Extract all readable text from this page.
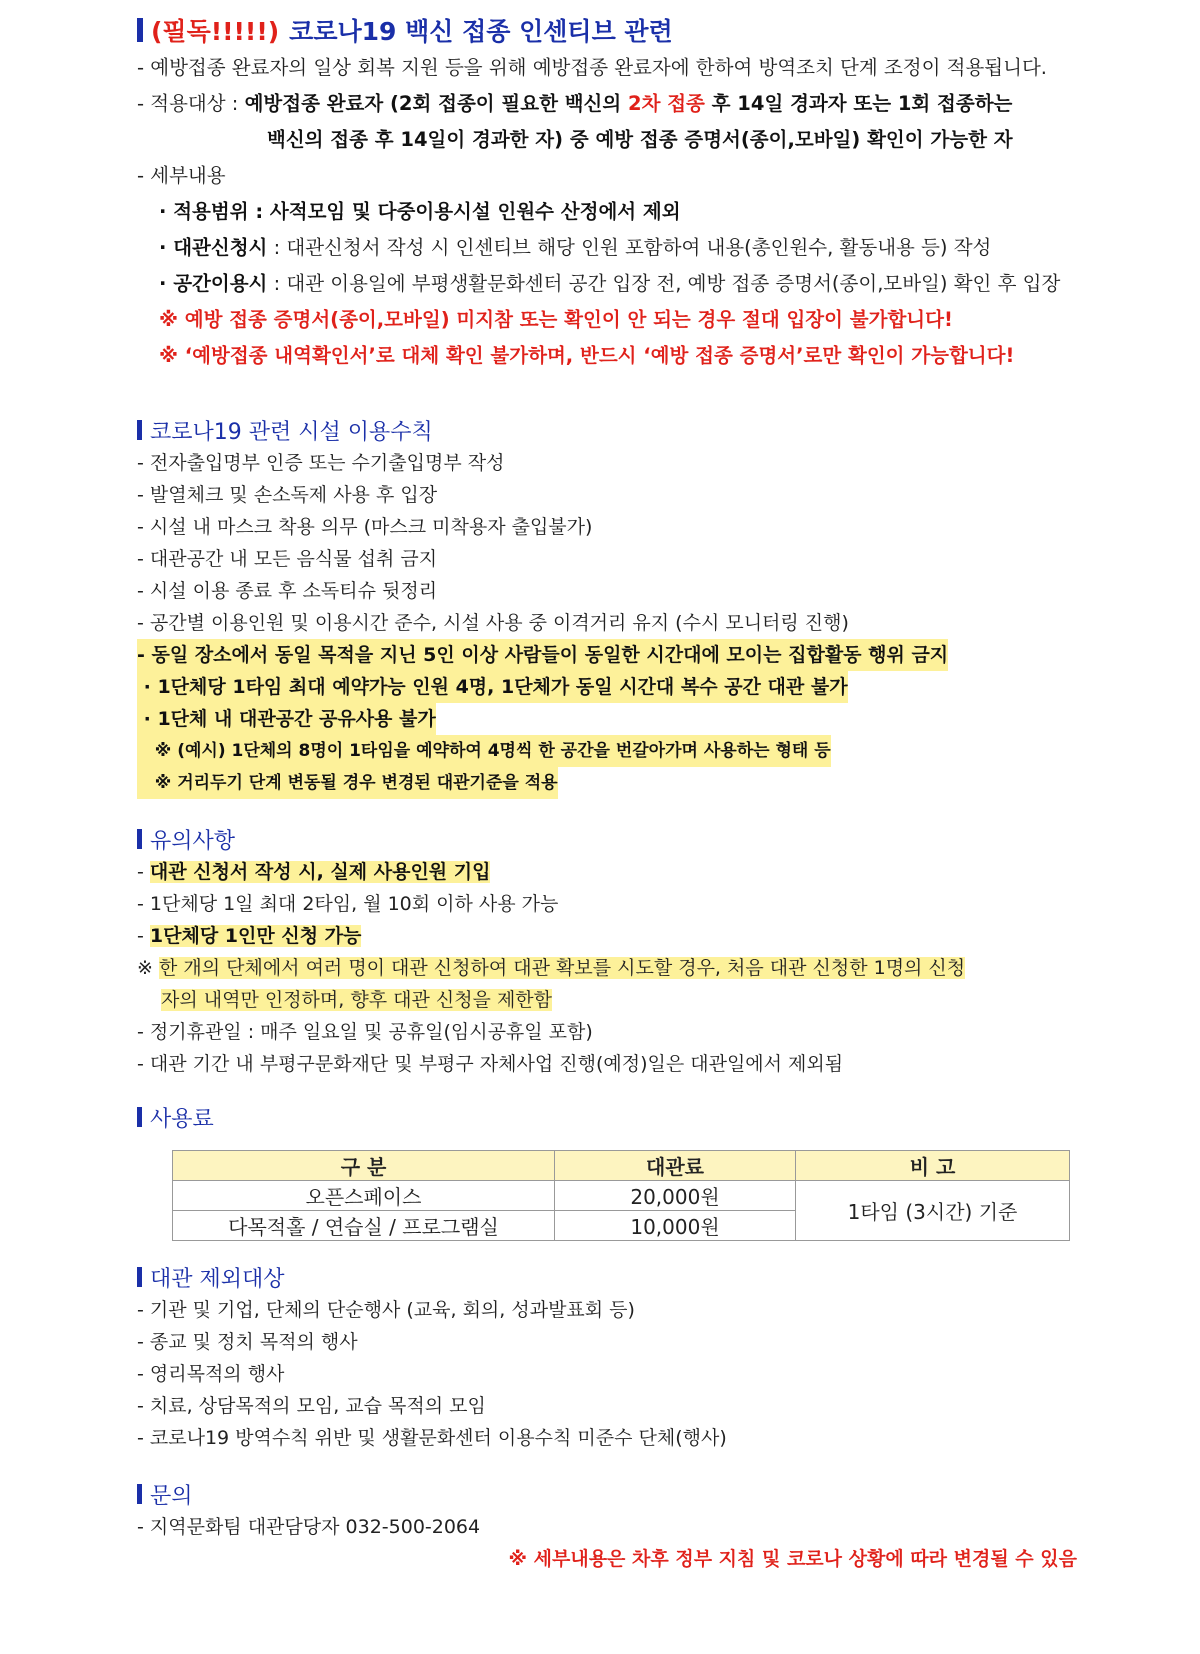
(필독!!!!!) 코로나19 백신 접종 인센티브 관련
- 예방접종 완료자의 일상 회복 지원 등을 위해 예방접종 완료자에 한하여 방역조치 단계 조정이 적용됩니다.
- 적용대상 : 예방접종 완료자 (2회 접종이 필요한 백신의 2차 접종 후 14일 경과자 또는 1회 접종하는
백신의 접종 후 14일이 경과한 자) 중 예방 접종 증명서(종이,모바일) 확인이 가능한 자
- 세부내용
· 적용범위 : 사적모임 및 다중이용시설 인원수 산정에서 제외
· 대관신청시 : 대관신청서 작성 시 인센티브 해당 인원 포함하여 내용(총인원수, 활동내용 등) 작성
· 공간이용시 : 대관 이용일에 부평생활문화센터 공간 입장 전, 예방 접종 증명서(종이,모바일) 확인 후 입장
※ 예방 접종 증명서(종이,모바일) 미지참 또는 확인이 안 되는 경우 절대 입장이 불가합니다!
※ ‘예방접종 내역확인서’로 대체 확인 불가하며, 반드시 ‘예방 접종 증명서’로만 확인이 가능합니다!
코로나19 관련 시설 이용수칙
- 전자출입명부 인증 또는 수기출입명부 작성
- 발열체크 및 손소독제 사용 후 입장
- 시설 내 마스크 착용 의무 (마스크 미착용자 출입불가)
- 대관공간 내 모든 음식물 섭취 금지
- 시설 이용 종료 후 소독티슈 뒷정리
- 공간별 이용인원 및 이용시간 준수, 시설 사용 중 이격거리 유지 (수시 모니터링 진행)
- 동일 장소에서 동일 목적을 지닌 5인 이상 사람들이 동일한 시간대에 모이는 집합활동 행위 금지
· 1단체당 1타임 최대 예약가능 인원 4명, 1단체가 동일 시간대 복수 공간 대관 불가
· 1단체 내 대관공간 공유사용 불가
※ (예시) 1단체의 8명이 1타임을 예약하여 4명씩 한 공간을 번갈아가며 사용하는 형태 등
※ 거리두기 단계 변동될 경우 변경된 대관기준을 적용
유의사항
- 대관 신청서 작성 시, 실제 사용인원 기입
- 1단체당 1일 최대 2타임, 월 10회 이하 사용 가능
- 1단체당 1인만 신청 가능
※ 한 개의 단체에서 여러 명이 대관 신청하여 대관 확보를 시도할 경우, 처음 대관 신청한 1명의 신청
자의 내역만 인정하며, 향후 대관 신청을 제한함
- 정기휴관일 : 매주 일요일 및 공휴일(임시공휴일 포함)
- 대관 기간 내 부평구문화재단 및 부평구 자체사업 진행(예정)일은 대관일에서 제외됨
사용료
구 분	대관료	비 고
오픈스페이스	20,000원	1타임 (3시간) 기준
다목적홀 / 연습실 / 프로그램실	10,000원	
대관 제외대상
- 기관 및 기업, 단체의 단순행사 (교육, 회의, 성과발표회 등)
- 종교 및 정치 목적의 행사
- 영리목적의 행사
- 치료, 상담목적의 모임, 교습 목적의 모임
- 코로나19 방역수칙 위반 및 생활문화센터 이용수칙 미준수 단체(행사)
문의
- 지역문화팀 대관담당자 032-500-2064
※ 세부내용은 차후 정부 지침 및 코로나 상황에 따라 변경될 수 있음
